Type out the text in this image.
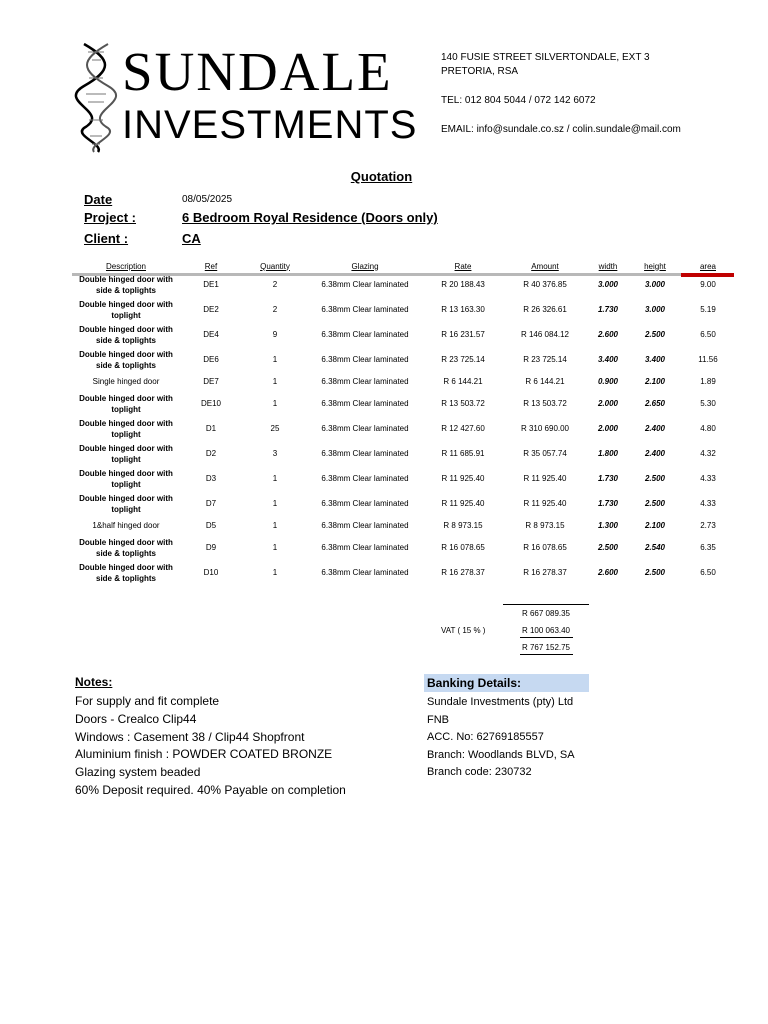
SUNDALE
INVESTMENTS
140 FUSIE STREET SILVERTONDALE, EXT 3
PRETORIA, RSA
TEL: 012 804 5044 / 072 142 6072
EMAIL: info@sundale.co.sz / colin.sundale@mail.com
Quotation
Date	08/05/2025
Project :	6 Bedroom Royal Residence (Doors only)
Client :	CA
Description	Ref	Quantity	Glazing	Rate	Amount	width	height	area

Double hinged door with
side & toplights	DE1	2	6.38mm Clear laminated	R 20 188.43	R 40 376.85	3.000	3.000	9.00

Double hinged door with
toplight	DE2	2	6.38mm Clear laminated	R 13 163.30	R 26 326.61	1.730	3.000	5.19

Double hinged door with
side & toplights	DE4	9	6.38mm Clear laminated	R 16 231.57	R 146 084.12	2.600	2.500	6.50

Double hinged door with
side & toplights	DE6	1	6.38mm Clear laminated	R 23 725.14	R 23 725.14	3.400	3.400	11.56

Single hinged door	DE7	1	6.38mm Clear laminated	R 6 144.21	R 6 144.21	0.900	2.100	1.89

Double hinged door with
toplight	DE10	1	6.38mm Clear laminated	R 13 503.72	R 13 503.72	2.000	2.650	5.30

Double hinged door with
toplight	D1	25	6.38mm Clear laminated	R 12 427.60	R 310 690.00	2.000	2.400	4.80

Double hinged door with
toplight	D2	3	6.38mm Clear laminated	R 11 685.91	R 35 057.74	1.800	2.400	4.32

Double hinged door with
toplight	D3	1	6.38mm Clear laminated	R 11 925.40	R 11 925.40	1.730	2.500	4.33

Double hinged door with
toplight	D7	1	6.38mm Clear laminated	R 11 925.40	R 11 925.40	1.730	2.500	4.33

1&half hinged door	D5	1	6.38mm Clear laminated	R 8 973.15	R 8 973.15	1.300	2.100	2.73

Double hinged door with
side & toplights	D9	1	6.38mm Clear laminated	R 16 078.65	R 16 078.65	2.500	2.540	6.35

Double hinged door with
side & toplights	D10	1	6.38mm Clear laminated	R 16 278.37	R 16 278.37	2.600	2.500	6.50
R 667 089.35
VAT ( 15 % )	R 100 063.40
R 767 152.75
Notes:
For supply and fit complete
Doors - Crealco Clip44
Windows : Casement 38 / Clip44 Shopfront
Aluminium finish : POWDER COATED BRONZE
Glazing system beaded
60% Deposit required. 40% Payable on completion
Banking Details:
Sundale Investments (pty) Ltd
FNB
ACC. No: 62769185557
Branch: Woodlands BLVD, SA
Branch code: 230732
